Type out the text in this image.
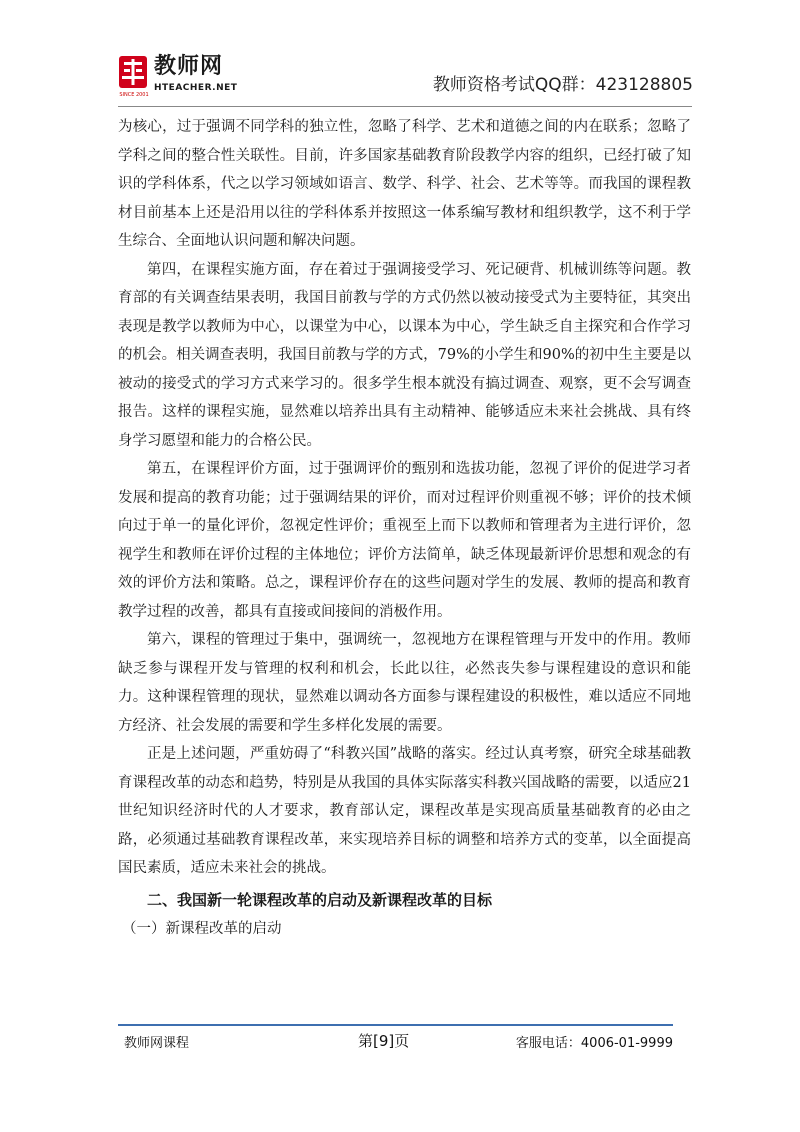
SINCE 2001
教师网
HTEACHER.NET	教师资格考试QQ群：423128805

为核心，过于强调不同学科的独立性，忽略了科学、艺术和道德之间的内在联系；忽略了学科之间的整合性关联性。目前，许多国家基础教育阶段教学内容的组织，已经打破了知识的学科体系，代之以学习领域如语言、数学、科学、社会、艺术等等。而我国的课程教材目前基本上还是沿用以往的学科体系并按照这一体系编写教材和组织教学，这不利于学生综合、全面地认识问题和解决问题。

第四，在课程实施方面，存在着过于强调接受学习、死记硬背、机械训练等问题。教育部的有关调查结果表明，我国目前教与学的方式仍然以被动接受式为主要特征，其突出表现是教学以教师为中心，以课堂为中心，以课本为中心，学生缺乏自主探究和合作学习的机会。相关调查表明，我国目前教与学的方式，79%的小学生和90%的初中生主要是以被动的接受式的学习方式来学习的。很多学生根本就没有搞过调查、观察，更不会写调查报告。这样的课程实施，显然难以培养出具有主动精神、能够适应未来社会挑战、具有终身学习愿望和能力的合格公民。

第五，在课程评价方面，过于强调评价的甄别和选拔功能，忽视了评价的促进学习者发展和提高的教育功能；过于强调结果的评价，而对过程评价则重视不够；评价的技术倾向过于单一的量化评价，忽视定性评价；重视至上而下以教师和管理者为主进行评价，忽视学生和教师在评价过程的主体地位；评价方法简单，缺乏体现最新评价思想和观念的有效的评价方法和策略。总之，课程评价存在的这些问题对学生的发展、教师的提高和教育教学过程的改善，都具有直接或间接间的消极作用。

第六，课程的管理过于集中，强调统一，忽视地方在课程管理与开发中的作用。教师缺乏参与课程开发与管理的权利和机会，长此以往，必然丧失参与课程建设的意识和能力。这种课程管理的现状，显然难以调动各方面参与课程建设的积极性，难以适应不同地方经济、社会发展的需要和学生多样化发展的需要。

正是上述问题，严重妨碍了“科教兴国”战略的落实。经过认真考察，研究全球基础教育课程改革的动态和趋势，特别是从我国的具体实际落实科教兴国战略的需要，以适应21世纪知识经济时代的人才要求，教育部认定，课程改革是实现高质量基础教育的必由之路，必须通过基础教育课程改革，来实现培养目标的调整和培养方式的变革，以全面提高国民素质，适应未来社会的挑战。

二、我国新一轮课程改革的启动及新课程改革的目标
（一）新课程改革的启动
教师网课程	第[9]页	客服电话：4006-01-9999
